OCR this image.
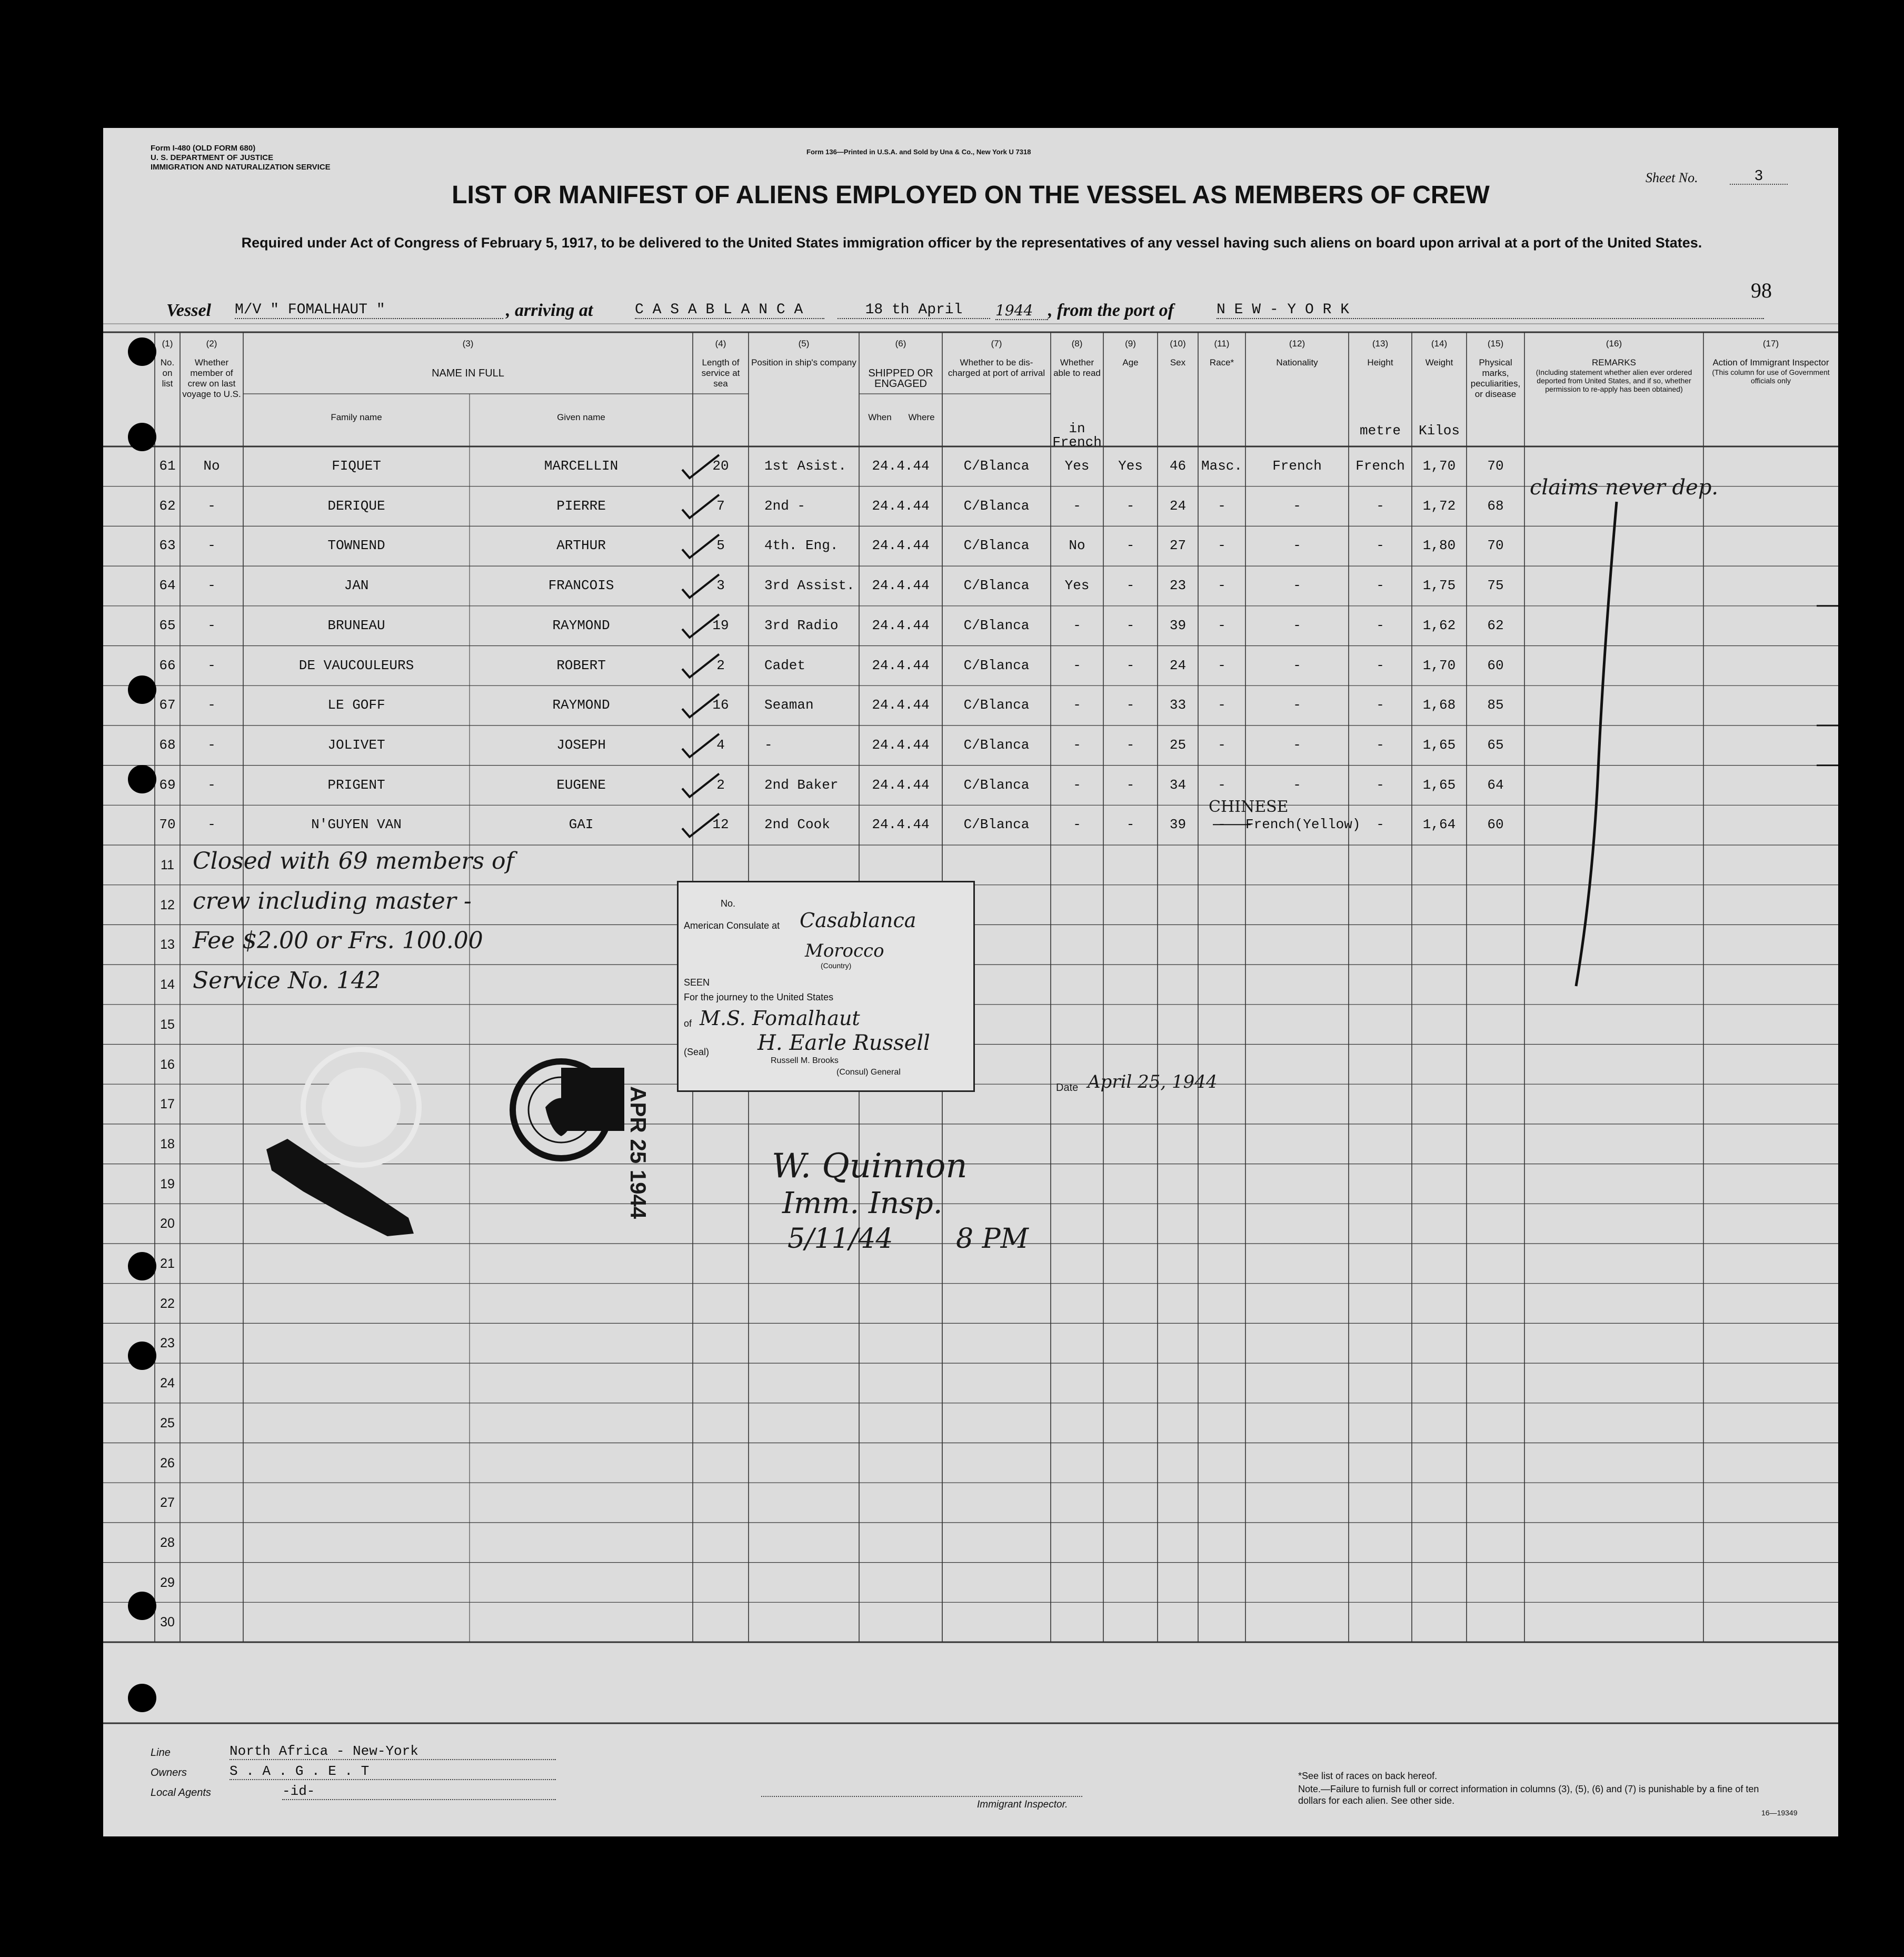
Form I-480 (OLD FORM 680)
U. S. DEPARTMENT OF JUSTICE
IMMIGRATION AND NATURALIZATION SERVICE
Form 136—Printed in U.S.A. and Sold by Una & Co., New York U 7318
Sheet No.	3
LIST OR MANIFEST OF ALIENS EMPLOYED ON THE VESSEL AS MEMBERS OF CREW
Required under Act of Congress of February 5, 1917, to be delivered to the United States immigration officer by the representatives of any vessel having such aliens on board upon arrival at a port of the United States.
98
Vessel M/V " FOMALHAUT "	, arriving at	C A S A B L A N C A	18 th April	1944 , from the port of	N E W - Y O R K
(1)
No. on list
(2)
Whether member of crew on last voyage to U.S.
(3)
NAME IN FULL
Family name	Given name
(4)
Length of service at sea
(5)
Position in ship's company
(6)
SHIPPED OR ENGAGED
When	Where
(7)
Whether to be dis-charged at port of arrival
(8)
Whether able to read
in French
(9)
Age
(10)
Sex
(11)
Race*
(12)
Nationality
(13)
Height
metre
(14)
Weight
Kilos
(15)
Physical marks, peculiarities, or disease
(16)
REMARKS
(Including statement whether alien ever ordered deported from United States, and if so, whether permission to re-apply has been obtained)
(17)
Action of Immigrant Inspector
(This column for use of Government officials only
61	No	FIQUET	MARCELLIN	20	1st Asist.	24.4.44	C/Blanca	Yes	Yes	46	Masc.	French	French	1,70	70
62	-	DERIQUE	PIERRE	7	2nd -	24.4.44	C/Blanca	-	-	24	-	-	-	1,72	68
63	-	TOWNEND	ARTHUR	5	4th. Eng.	24.4.44	C/Blanca	No	-	27	-	-	-	1,80	70
64	-	JAN	FRANCOIS	3	3rd Assist.	24.4.44	C/Blanca	Yes	-	23	-	-	-	1,75	75
65	-	BRUNEAU	RAYMOND	19	3rd Radio	24.4.44	C/Blanca	-	-	39	-	-	-	1,62	62
66	-	DE VAUCOULEURS	ROBERT	2	Cadet	24.4.44	C/Blanca	-	-	24	-	-	-	1,70	60
67	-	LE GOFF	RAYMOND	16	Seaman	24.4.44	C/Blanca	-	-	33	-	-	-	1,68	85
68	-	JOLIVET	JOSEPH	4	-	24.4.44	C/Blanca	-	-	25	-	-	-	1,65	65
69	-	PRIGENT	EUGENE	2	2nd Baker	24.4.44	C/Blanca	-	-	34	-	-	-	1,65	64
70	-	N'GUYEN VAN	GAI	12	2nd Cook	24.4.44	C/Blanca	-	-	39	-	French(Yellow)	-	1,64	60
CHINESE
11
12
13
14
15
16
17
18
19
20
21
22
23
24
25
26
27
28
29
30
Closed with 69 members of
crew including master -
Fee $2.00 or Frs. 100.00
Service No. 142
No.
American Consulate at Casablanca
Morocco
(Country)
SEEN
For the journey to the United States
of M.S. Fomalhaut
(Seal) H. Earle Russell
Russell M. Brooks
(Consul) General
Date April 25, 1944
APR 25 1944	W. Quinnon
Imm. Insp.
5/11/44 8 PM
claims never dep.
Line	North Africa - New-York
Owners	S . A . G . E . T
Local Agents	-id-
Immigrant Inspector.
*See list of races on back hereof.
Note.—Failure to furnish full or correct information in columns (3), (5), (6) and (7) is punishable by a fine of ten dollars for each alien. See other side.
16—19349
